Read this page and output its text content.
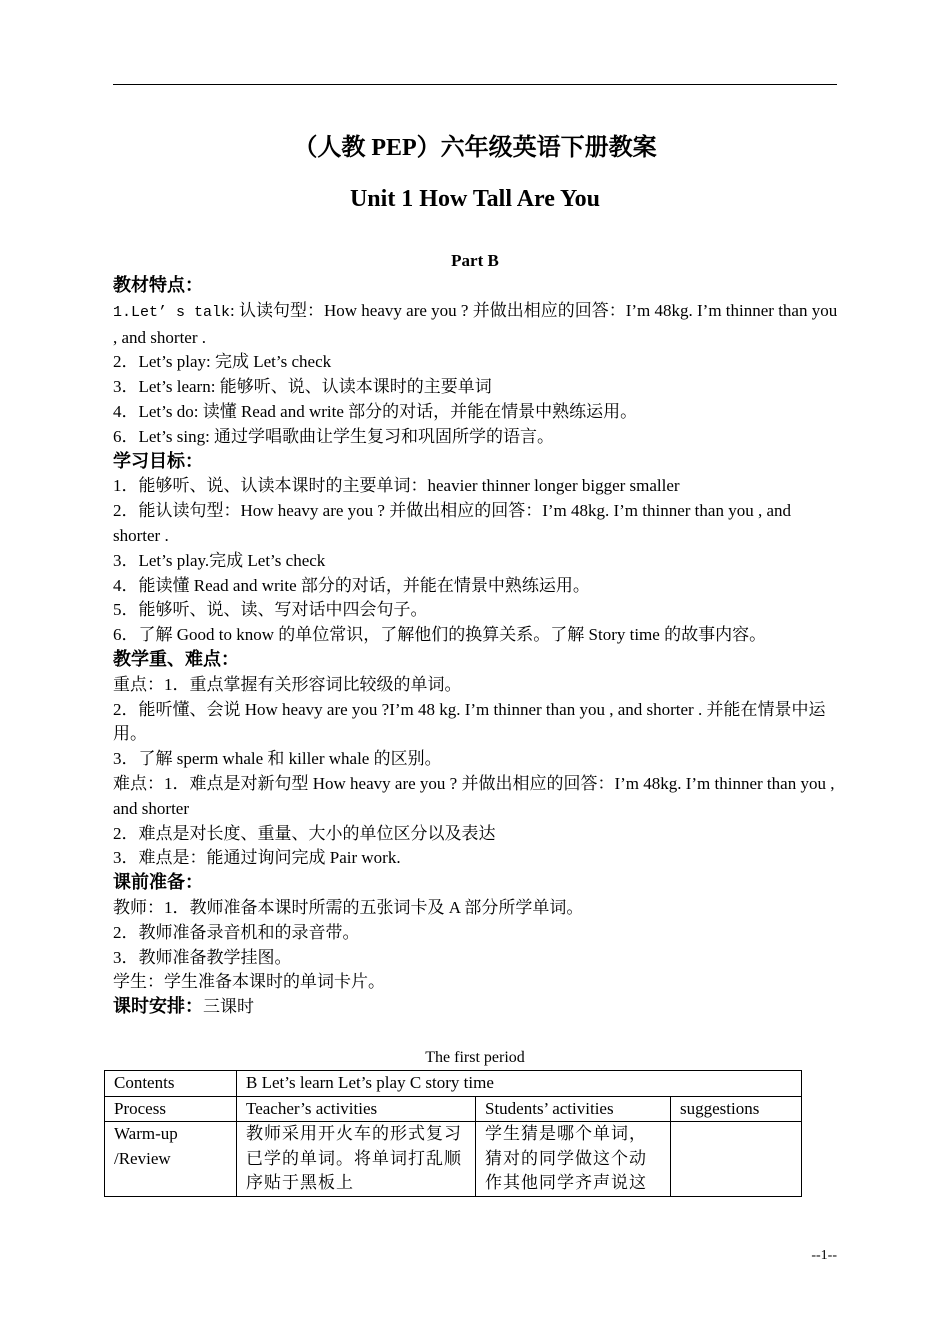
（人教 PEP）六年级英语下册教案
Unit 1 How Tall Are You
Part B
教材特点：
1.Let’ s talk: 认读句型：How heavy are you ? 并做出相应的回答：I’m 48kg. I’m thinner than you , and shorter .
2．Let’s play: 完成 Let’s check
3．Let’s learn: 能够听、说、认读本课时的主要单词
4．Let’s do: 读懂 Read and write 部分的对话，并能在情景中熟练运用。
6．Let’s sing: 通过学唱歌曲让学生复习和巩固所学的语言。
学习目标：
1．能够听、说、认读本课时的主要单词：heavier thinner longer bigger smaller
2．能认读句型：How heavy are you ? 并做出相应的回答：I’m 48kg. I’m thinner than you , and shorter .
3．Let’s play.完成 Let’s check
4．能读懂 Read and write 部分的对话，并能在情景中熟练运用。
5．能够听、说、读、写对话中四会句子。
6．了解 Good to know 的单位常识，了解他们的换算关系。了解 Story time 的故事内容。
教学重、难点：
重点：1．重点掌握有关形容词比较级的单词。
2．能听懂、会说 How heavy are you ?I’m 48 kg. I’m thinner than you , and shorter . 并能在情景中运用。
3．了解 sperm whale 和 killer whale 的区别。
难点：1．难点是对新句型 How heavy are you ? 并做出相应的回答：I’m 48kg. I’m thinner than you , and shorter
2．难点是对长度、重量、大小的单位区分以及表达
3．难点是：能通过询问完成 Pair work.
课前准备：
教师：1．教师准备本课时所需的五张词卡及 A 部分所学单词。
2．教师准备录音机和的录音带。
3．教师准备教学挂图。
学生：学生准备本课时的单词卡片。
课时安排：三课时
The first period
Contents	B Let’s learn Let’s play C story time		
Process	Teacher’s activities	Students’ activities	suggestions

Warm-up
/Review	教师采用开火车的形式复习已学的单词。将单词打乱顺序贴于黑板上	学生猜是哪个单词，猜对的同学做这个动作其他同学齐声说这	
--1--
